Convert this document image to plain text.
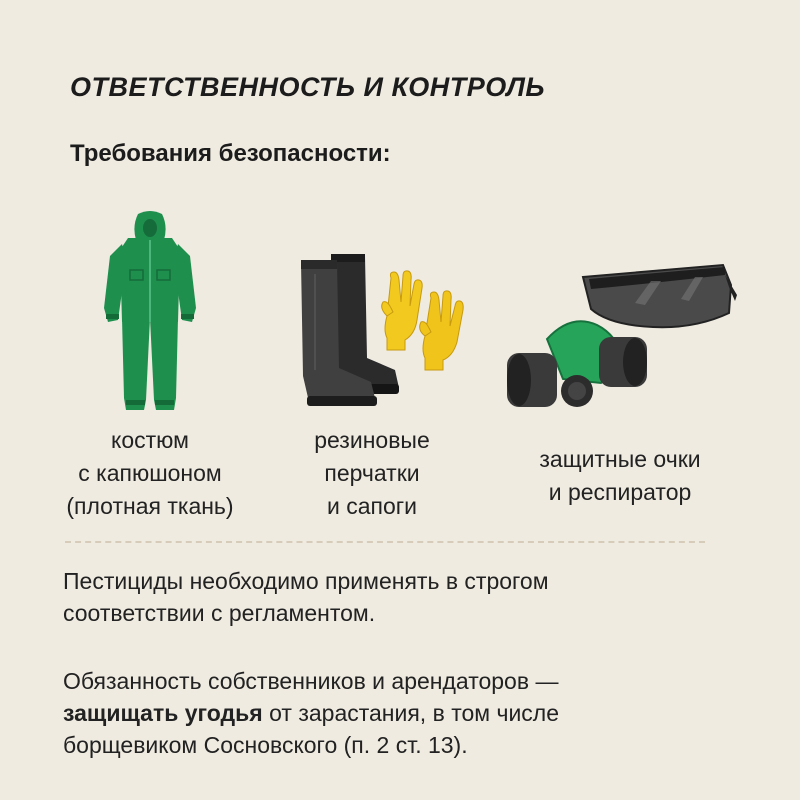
ОТВЕТСТВЕННОСТЬ И КОНТРОЛЬ
Требования безопасности:
костюм
с капюшоном
(плотная ткань)
резиновые
перчатки
и сапоги
защитные очки
и респиратор

Пестициды необходимо применять в строгом
соответствии с регламентом.

Обязанность собственников и арендаторов —
защищать угодья от зарастания, в том числе
борщевиком Сосновского (п. 2 ст. 13).
